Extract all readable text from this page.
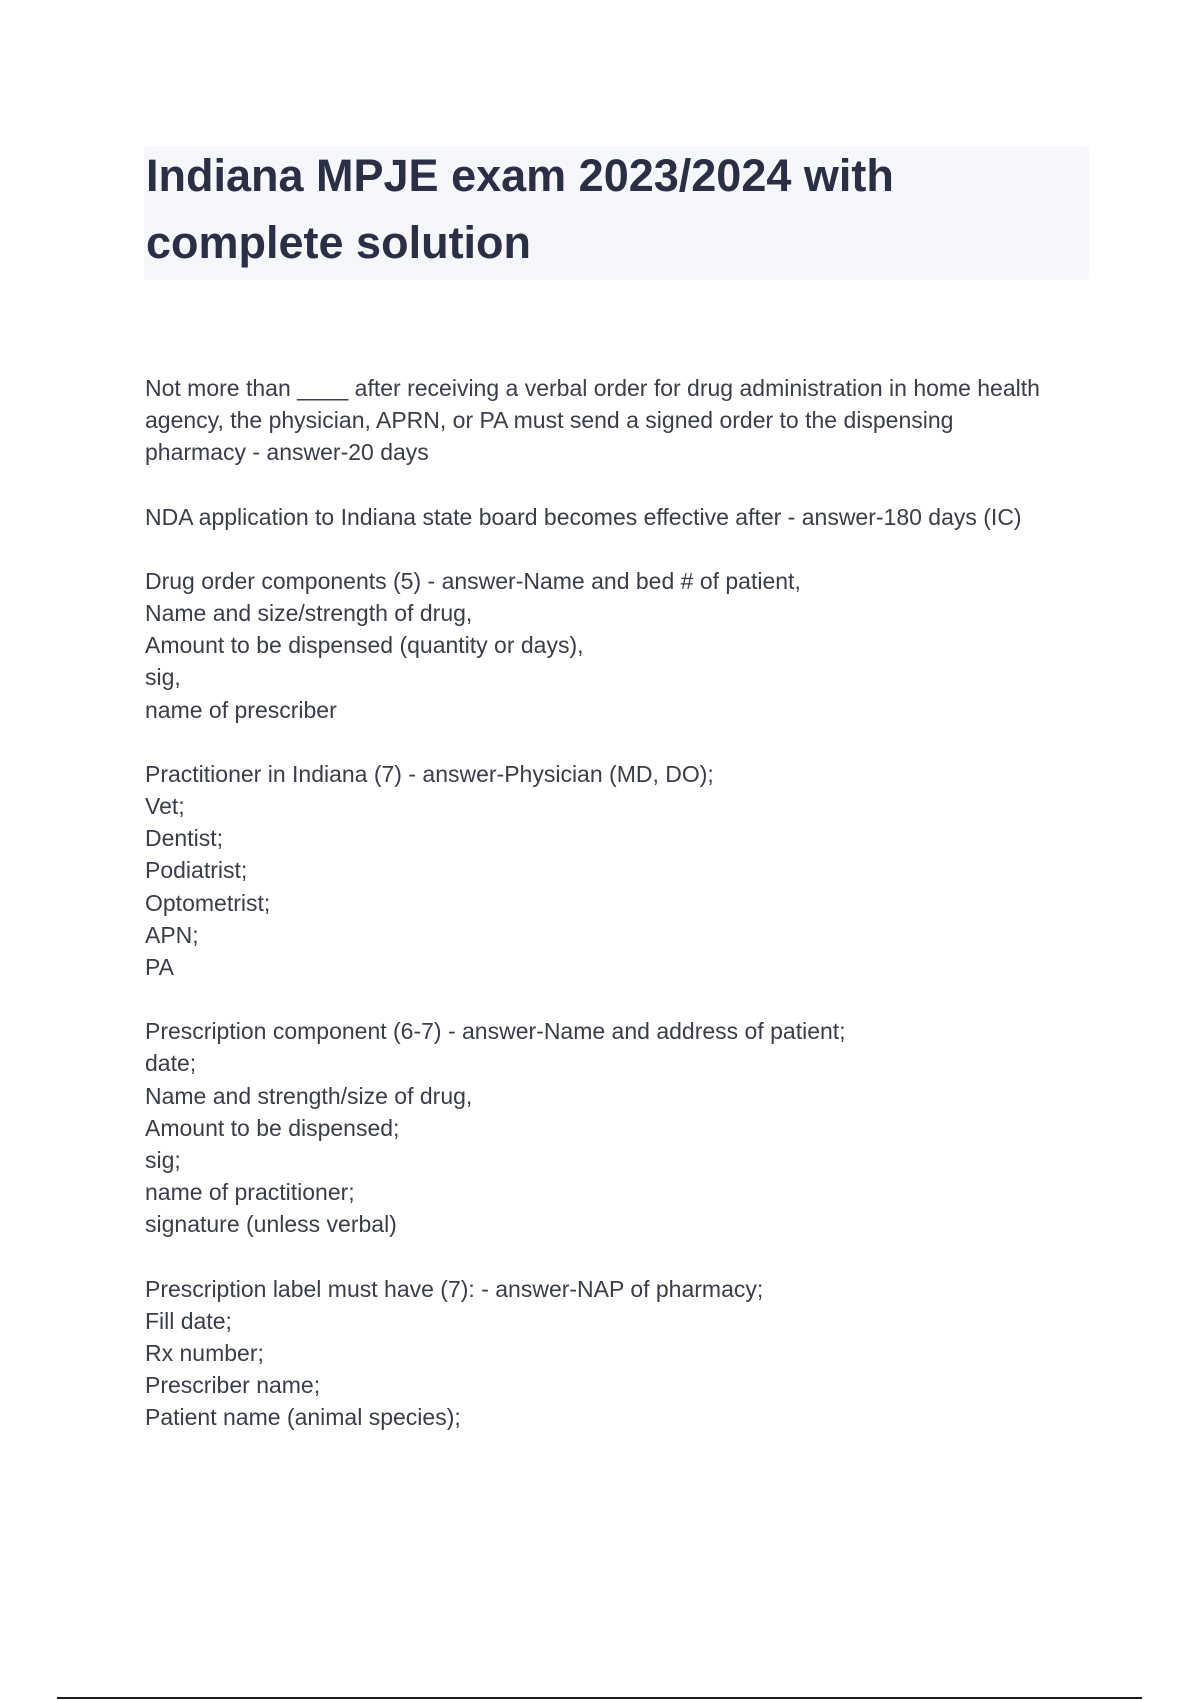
Indiana MPJE exam 2023/2024 with complete solution

Not more than ____ after receiving a verbal order for drug administration in home health
agency, the physician, APRN, or PA must send a signed order to the dispensing
pharmacy - answer-20 days

NDA application to Indiana state board becomes effective after - answer-180 days (IC)

Drug order components (5) - answer-Name and bed # of patient,
Name and size/strength of drug,
Amount to be dispensed (quantity or days),
sig,
name of prescriber

Practitioner in Indiana (7) - answer-Physician (MD, DO);
Vet;
Dentist;
Podiatrist;
Optometrist;
APN;
PA

Prescription component (6-7) - answer-Name and address of patient;
date;
Name and strength/size of drug,
Amount to be dispensed;
sig;
name of practitioner;
signature (unless verbal)

Prescription label must have (7): - answer-NAP of pharmacy;
Fill date;
Rx number;
Prescriber name;
Patient name (animal species);
